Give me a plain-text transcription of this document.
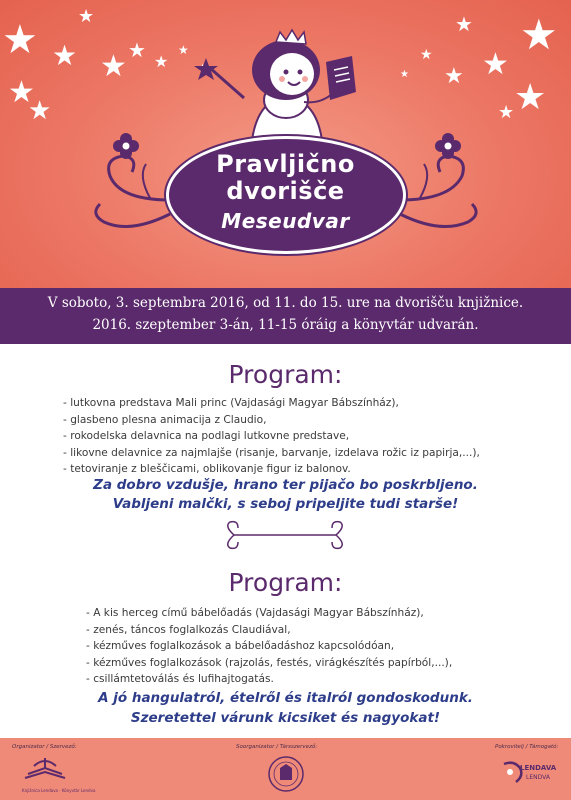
★ ★
★
★
★
★
★ ★
★	★
★
★
★
★
★
★
★
Pravljično
dvorišče
Meseudvar
V soboto, 3. septembra 2016, od 11. do 15. ure na dvorišču knjižnice.
2016. szeptember 3-án, 11-15 óráig a könyvtár udvarán.
Program:
- lutkovna predstava Mali princ (Vajdasági Magyar Bábszínház),
- glasbeno plesna animacija z Claudio,
- rokodelska delavnica na podlagi lutkovne predstave,
- likovne delavnice za najmlajše (risanje, barvanje, izdelava rožic iz papirja,...),
- tetoviranje z bleščicami, oblikovanje figur iz balonov.
Za dobro vzdušje, hrano ter pijačo bo poskrbljeno.
Vabljeni malčki, s seboj pripeljite tudi starše!
Program:
- A kis herceg című bábelőadás (Vajdasági Magyar Bábszínház),
- zenés, táncos foglalkozás Claudiával,
- kézműves foglalkozások a bábelőadáshoz kapcsolódóan,
- kézműves foglalkozások (rajzolás, festés, virágkészítés papírból,...),
- csillámtetoválás és lufihajtogatás.
A jó hangulatról, ételről és italról gondoskodunk.
Szeretettel várunk kicsiket és nagyokat!
Organizator / Szervező:
Knjižnica Lendava · Könyvtár Lendva
Soorganizator / Társszervező:	Pokrovitelj / Támogató:
LENDAVA
LENDVA
